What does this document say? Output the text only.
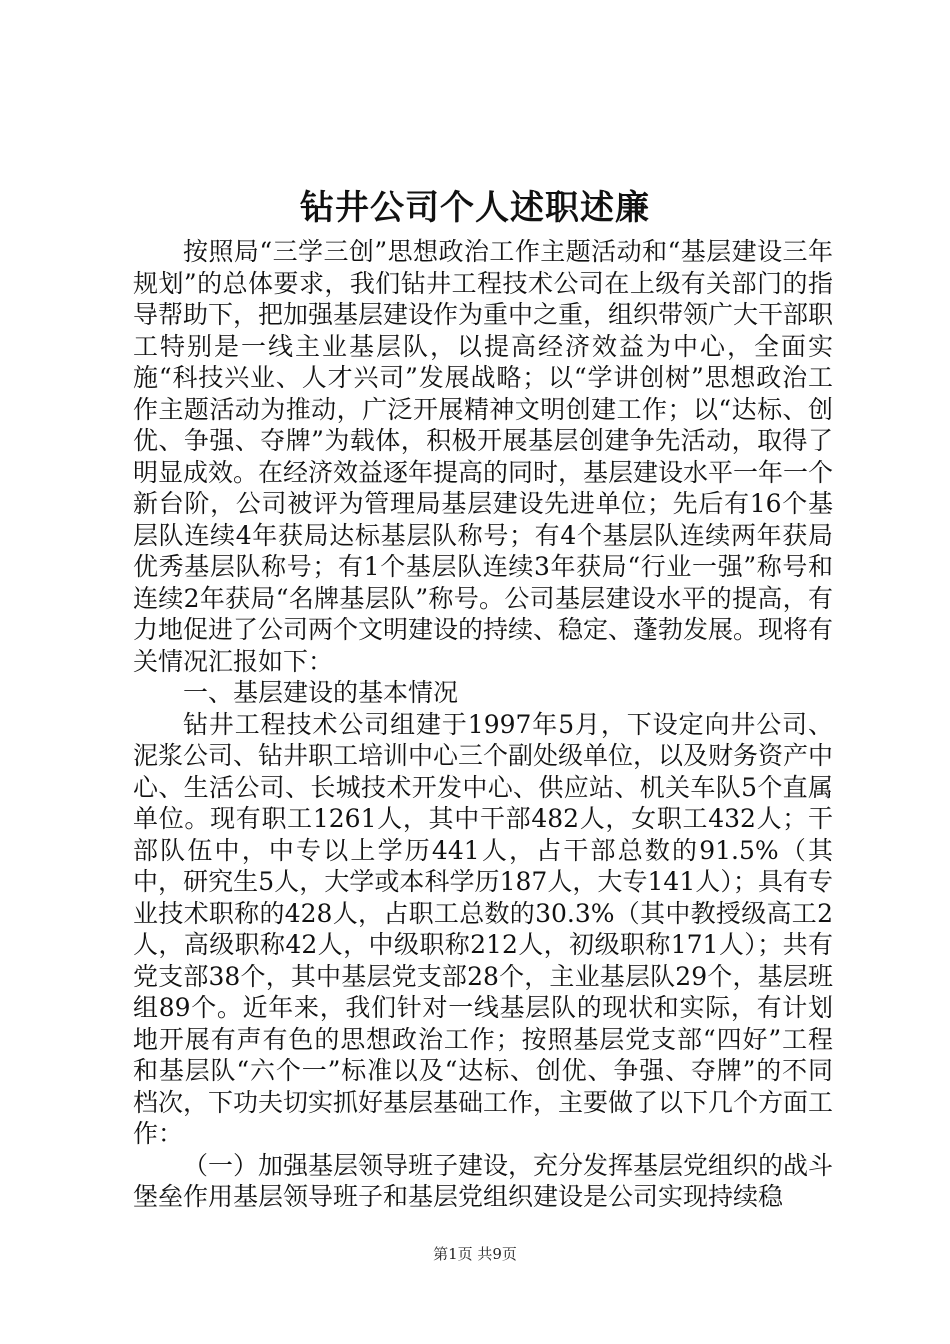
钻井公司个人述职述廉

按照局“三学三创”思想政治工作主题活动和“基层建设三年规划”的总体要求，我们钻井工程技术公司在上级有关部门的指导帮助下，把加强基层建设作为重中之重，组织带领广大干部职工特别是一线主业基层队，以提高经济效益为中心，全面实施“科技兴业、人才兴司”发展战略；以“学讲创树”思想政治工作主题活动为推动，广泛开展精神文明创建工作；以“达标、创优、争强、夺牌”为载体，积极开展基层创建争先活动，取得了明显成效。在经济效益逐年提高的同时，基层建设水平一年一个新台阶，公司被评为管理局基层建设先进单位；先后有16个基层队连续4年获局达标基层队称号；有4个基层队连续两年获局优秀基层队称号；有1个基层队连续3年获局“行业一强”称号和连续2年获局“名牌基层队”称号。公司基层建设水平的提高，有力地促进了公司两个文明建设的持续、稳定、蓬勃发展。现将有关情况汇报如下：

一、基层建设的基本情况

钻井工程技术公司组建于1997年5月，下设定向井公司、泥浆公司、钻井职工培训中心三个副处级单位，以及财务资产中心、生活公司、长城技术开发中心、供应站、机关车队5个直属单位。现有职工1261人，其中干部482人，女职工432人；干部队伍中，中专以上学历441人，占干部总数的91.5%（其中，研究生5人，大学或本科学历187人，大专141人）；具有专业技术职称的428人，占职工总数的30.3%（其中教授级高工2人，高级职称42人，中级职称212人，初级职称171人）；共有党支部38个，其中基层党支部28个，主业基层队29个，基层班组89个。近年来，我们针对一线基层队的现状和实际，有计划地开展有声有色的思想政治工作；按照基层党支部“四好”工程和基层队“六个一”标准以及“达标、创优、争强、夺牌”的不同档次，下功夫切实抓好基层基础工作，主要做了以下几个方面工作：

（一）加强基层领导班子建设，充分发挥基层党组织的战斗堡垒作用基层领导班子和基层党组织建设是公司实现持续稳

第1页 共9页
